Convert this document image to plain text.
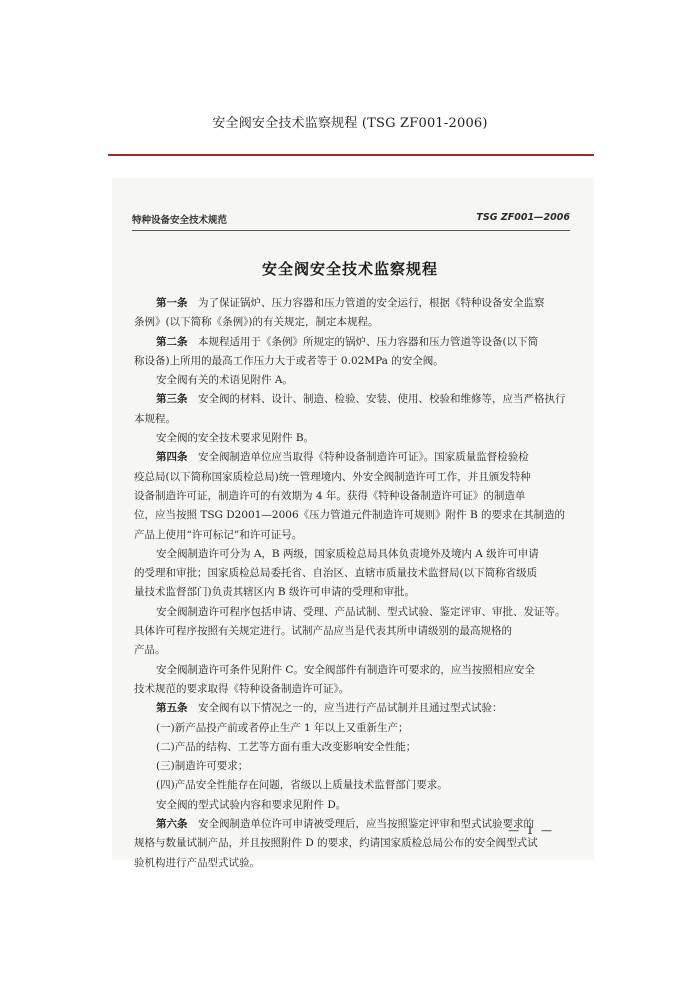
安全阀安全技术监察规程 (TSG ZF001-2006)
特种设备安全技术规范	TSG ZF001—2006
安全阀安全技术监察规程
第一条　为了保证锅炉、压力容器和压力管道的安全运行，根据《特种设备安全监察
条例》(以下简称《条例》)的有关规定，制定本规程。
第二条　本规程适用于《条例》所规定的锅炉、压力容器和压力管道等设备(以下简
称设备)上所用的最高工作压力大于或者等于 0.02MPa 的安全阀。
安全阀有关的术语见附件 A。
第三条　安全阀的材料、设计、制造、检验、安装、使用、校验和维修等，应当严格执行
本规程。
安全阀的安全技术要求见附件 B。
第四条　安全阀制造单位应当取得《特种设备制造许可证》。国家质量监督检验检
疫总局(以下简称国家质检总局)统一管理境内、外安全阀制造许可工作，并且颁发特种
设备制造许可证，制造许可的有效期为 4 年。获得《特种设备制造许可证》的制造单
位，应当按照 TSG D2001—2006《压力管道元件制造许可规则》附件 B 的要求在其制造的
产品上使用“许可标记”和许可证号。
安全阀制造许可分为 A，B 两级，国家质检总局具体负责境外及境内 A 级许可申请
的受理和审批；国家质检总局委托省、自治区、直辖市质量技术监督局(以下简称省级质
量技术监督部门)负责其辖区内 B 级许可申请的受理和审批。
安全阀制造许可程序包括申请、受理、产品试制、型式试验、鉴定评审、审批、发证等。
具体许可程序按照有关规定进行。试制产品应当是代表其所申请级别的最高规格的
产品。
安全阀制造许可条件见附件 C。安全阀部件有制造许可要求的，应当按照相应安全
技术规范的要求取得《特种设备制造许可证》。
第五条　安全阀有以下情况之一的，应当进行产品试制并且通过型式试验：
(一)新产品投产前或者停止生产 1 年以上又重新生产；
(二)产品的结构、工艺等方面有重大改变影响安全性能；
(三)制造许可要求；
(四)产品安全性能存在问题，省级以上质量技术监督部门要求。
安全阀的型式试验内容和要求见附件 D。
第六条　安全阀制造单位许可申请被受理后，应当按照鉴定评审和型式试验要求的
规格与数量试制产品，并且按照附件 D 的要求，约请国家质检总局公布的安全阀型式试
验机构进行产品型式试验。
— 1 —
